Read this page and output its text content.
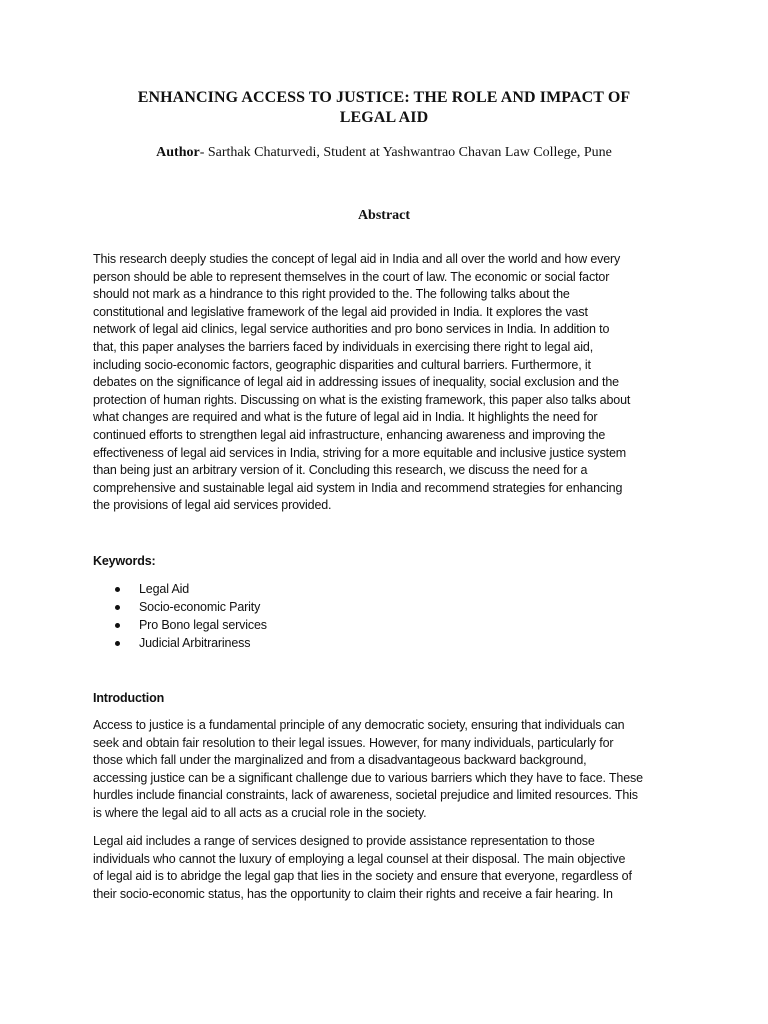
ENHANCING ACCESS TO JUSTICE: THE ROLE AND IMPACT OF
LEGAL AID

Author- Sarthak Chaturvedi, Student at Yashwantrao Chavan Law College, Pune

Abstract
This research deeply studies the concept of legal aid in India and all over the world and how every
person should be able to represent themselves in the court of law. The economic or social factor
should not mark as a hindrance to this right provided to the. The following talks about the
constitutional and legislative framework of the legal aid provided in India. It explores the vast
network of legal aid clinics, legal service authorities and pro bono services in India. In addition to
that, this paper analyses the barriers faced by individuals in exercising there right to legal aid,
including socio-economic factors, geographic disparities and cultural barriers. Furthermore, it
debates on the significance of legal aid in addressing issues of inequality, social exclusion and the
protection of human rights. Discussing on what is the existing framework, this paper also talks about
what changes are required and what is the future of legal aid in India. It highlights the need for
continued efforts to strengthen legal aid infrastructure, enhancing awareness and improving the
effectiveness of legal aid services in India, striving for a more equitable and inclusive justice system
than being just an arbitrary version of it. Concluding this research, we discuss the need for a
comprehensive and sustainable legal aid system in India and recommend strategies for enhancing
the provisions of legal aid services provided.

Keywords:

Legal Aid
Socio-economic Parity
Pro Bono legal services
Judicial Arbitrariness

Introduction

Access to justice is a fundamental principle of any democratic society, ensuring that individuals can
seek and obtain fair resolution to their legal issues. However, for many individuals, particularly for
those which fall under the marginalized and from a disadvantageous backward background,
accessing justice can be a significant challenge due to various barriers which they have to face. These
hurdles include financial constraints, lack of awareness, societal prejudice and limited resources. This
is where the legal aid to all acts as a crucial role in the society.
Legal aid includes a range of services designed to provide assistance representation to those
individuals who cannot the luxury of employing a legal counsel at their disposal. The main objective
of legal aid is to abridge the legal gap that lies in the society and ensure that everyone, regardless of
their socio-economic status, has the opportunity to claim their rights and receive a fair hearing. In
